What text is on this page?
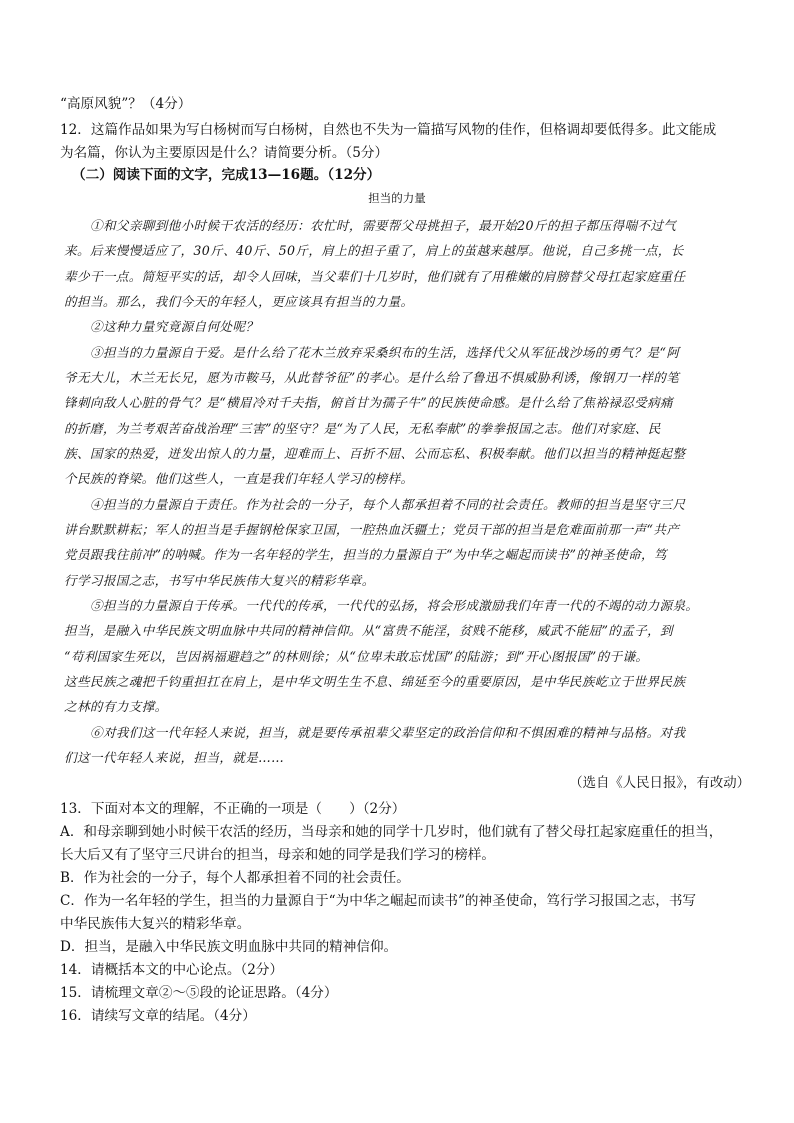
“高原风貌”？（4分）
12．这篇作品如果为写白杨树而写白杨树，自然也不失为一篇描写风物的佳作，但格调却要低得多。此文能成
为名篇，你认为主要原因是什么？请简要分析。（5分）
（二）阅读下面的文字，完成13—16题。（12分）
担当的力量
①和父亲聊到他小时候干农活的经历：农忙时，需要帮父母挑担子，最开始20斤的担子都压得喘不过气
来。后来慢慢适应了，30斤、40斤、50斤，肩上的担子重了，肩上的茧越来越厚。他说，自己多挑一点，长
辈少干一点。简短平实的话，却令人回味，当父辈们十几岁时，他们就有了用稚嫩的肩膀替父母扛起家庭重任
的担当。那么，我们今天的年轻人，更应该具有担当的力量。
②这种力量究竟源自何处呢？
③担当的力量源自于爱。是什么给了花木兰放弃采桑织布的生活，选择代父从军征战沙场的勇气？是“阿
爷无大儿，木兰无长兄，愿为市鞍马，从此替爷征”的孝心。是什么给了鲁迅不惧威胁利诱，像钢刀一样的笔
锋刺向敌人心脏的骨气？是“横眉冷对千夫指，俯首甘为孺子牛”的民族使命感。是什么给了焦裕禄忍受病痛
的折磨，为兰考艰苦奋战治理“三害”的坚守？是“为了人民，无私奉献”的拳拳报国之志。他们对家庭、民
族、国家的热爱，迸发出惊人的力量，迎难而上、百折不屈、公而忘私、积极奉献。他们以担当的精神挺起整
个民族的脊梁。他们这些人，一直是我们年轻人学习的榜样。
④担当的力量源自于责任。作为社会的一分子，每个人都承担着不同的社会责任。教师的担当是坚守三尺
讲台默默耕耘；军人的担当是手握钢枪保家卫国，一腔热血沃疆土；党员干部的担当是危难面前那一声“共产
党员跟我往前冲”的呐喊。作为一名年轻的学生，担当的力量源自于“为中华之崛起而读书”的神圣使命，笃
行学习报国之志，书写中华民族伟大复兴的精彩华章。
⑤担当的力量源自于传承。一代代的传承，一代代的弘扬，将会形成激励我们年青一代的不竭的动力源泉。
担当，是融入中华民族文明血脉中共同的精神信仰。从“富贵不能淫，贫贱不能移，威武不能屈”的孟子，到
“苟利国家生死以，岂因祸福避趋之”的林则徐；从“位卑未敢忘忧国”的陆游；到“开心图报国”的于谦。
这些民族之魂把千钧重担扛在肩上，是中华文明生生不息、绵延至今的重要原因，是中华民族屹立于世界民族
之林的有力支撑。
⑥对我们这一代年轻人来说，担当，就是要传承祖辈父辈坚定的政治信仰和不惧困难的精神与品格。对我
们这一代年轻人来说，担当，就是……
（选自《人民日报》，有改动）
13．下面对本文的理解，不正确的一项是（　　）（2分）
A．和母亲聊到她小时候干农活的经历，当母亲和她的同学十几岁时，他们就有了替父母扛起家庭重任的担当，
长大后又有了坚守三尺讲台的担当，母亲和她的同学是我们学习的榜样。
B．作为社会的一分子，每个人都承担着不同的社会责任。
C．作为一名年轻的学生，担当的力量源自于“为中华之崛起而读书”的神圣使命，笃行学习报国之志，书写
中华民族伟大复兴的精彩华章。
D．担当，是融入中华民族文明血脉中共同的精神信仰。
14．请概括本文的中心论点。（2分）
15．请梳理文章②～⑤段的论证思路。（4分）
16．请续写文章的结尾。（4分）
